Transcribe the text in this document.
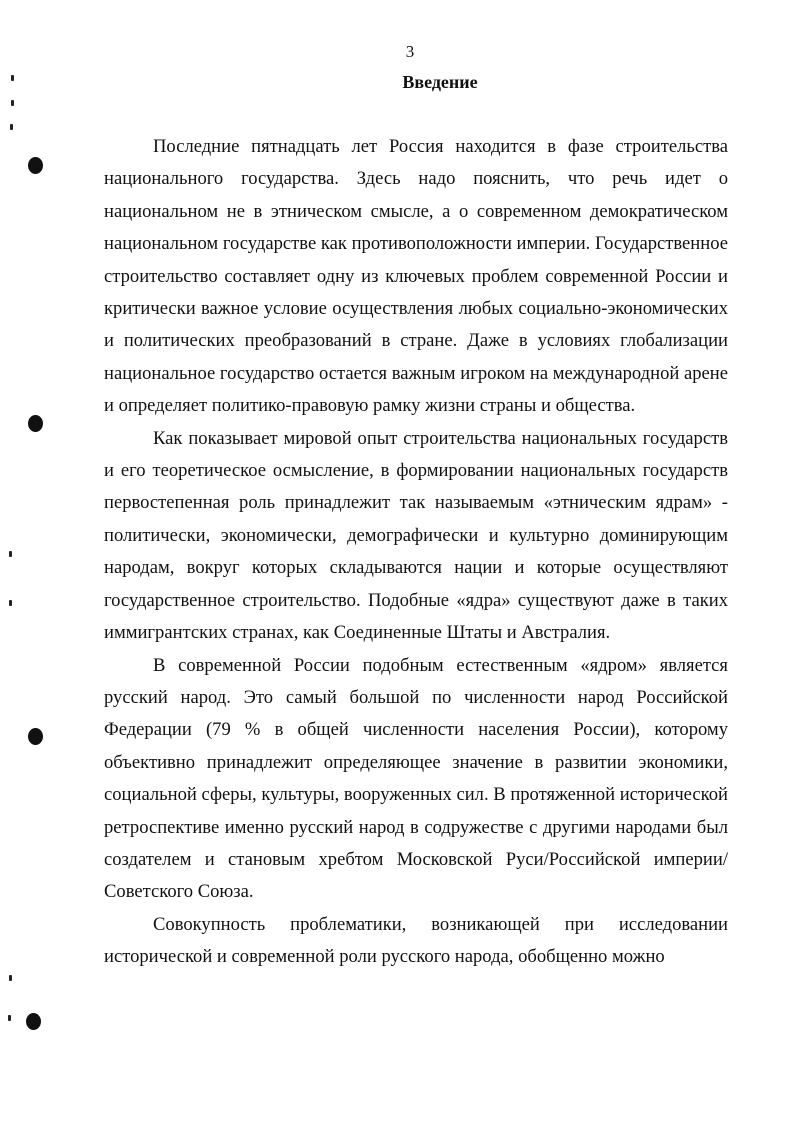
3
Введение

Последние пятнадцать лет Россия находится в фазе строительства национального государства. Здесь надо пояснить, что речь идет о национальном не в этническом смысле, а о современном демократическом национальном государстве как противоположности империи. Государственное строительство составляет одну из ключевых проблем современной России и критически важное условие осуществления любых социально-экономических и политических преобразований в стране. Даже в условиях глобализации национальное государство остается важным игроком на международной арене и определяет политико-правовую рамку жизни страны и общества.

Как показывает мировой опыт строительства национальных государств и его теоретическое осмысление, в формировании национальных государств первостепенная роль принадлежит так называемым «этническим ядрам» - политически, экономически, демографически и культурно доминирующим народам, вокруг которых складываются нации и которые осуществляют государственное строительство. Подобные «ядра» существуют даже в таких иммигрантских странах, как Соединенные Штаты и Австралия.

В современной России подобным естественным «ядром» является русский народ. Это самый большой по численности народ Российской Федерации (79 % в общей численности населения России), которому объективно принадлежит определяющее значение в развитии экономики, социальной сферы, культуры, вооруженных сил. В протяженной исторической ретроспективе именно русский народ в содружестве с другими народами был создателем и становым хребтом Московской Руси/Российской империи/Советского Союза.

Совокупность проблематики, возникающей при исследовании исторической и современной роли русского народа, обобщенно можно
